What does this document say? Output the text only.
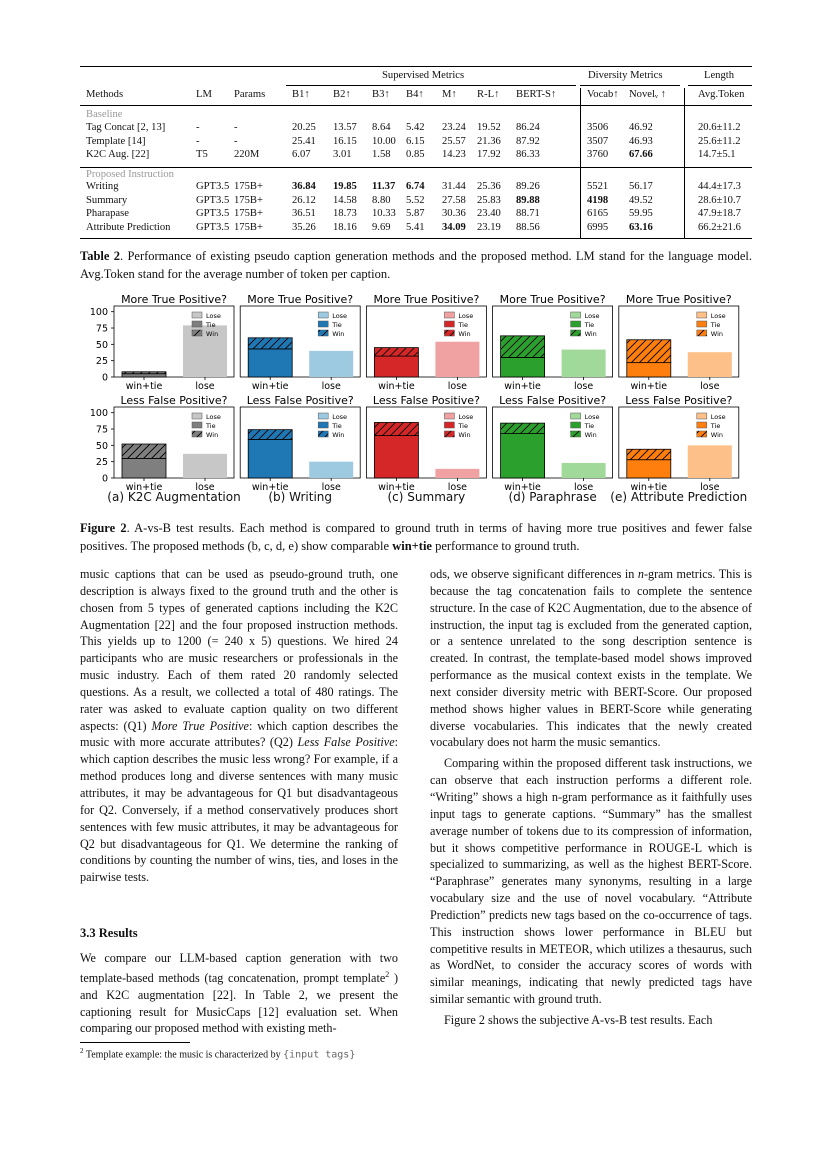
Supervised Metrics	Diversity Metrics	Length
Methods	LM Params	B1↑ B2↑ B3↑ B4↑ M↑ R-L↑ BERT-S↑	Vocab↑ Novelᵥ ↑	Avg.Token
Baseline
Tag Concat [2, 13]	-	-	20.25 13.57 8.64 5.42 23.24 19.52 86.24	3506 46.92	20.6±11.2
Template [14]	-	-	25.41 16.15 10.00 6.15 25.57 21.36 87.92	3507 46.93	25.6±11.2
K2C Aug. [22]	T5 220M	6.07 3.01 1.58 0.85 14.23 17.92 86.33	3760 67.66	14.7±5.1
Proposed Instruction
Writing	GPT3.5 175B+	36.84 19.85 11.37 6.74 31.44 25.36 89.26	5521 56.17	44.4±17.3
Summary	GPT3.5 175B+	26.12 14.58 8.80 5.52 27.58 25.83 89.88	4198 49.52	28.6±10.7
Pharapase	GPT3.5 175B+	36.51 18.73 10.33 5.87 30.36 23.40 88.71	6165 59.95	47.9±18.7
Attribute Prediction GPT3.5 175B+	35.26 18.16 9.69 5.41 34.09 23.19 88.56	6995 63.16	66.2±21.6
Table 2. Performance of existing pseudo caption generation methods and the proposed method. LM stand for the language model. Avg.Token stand for the average number of token per caption.
More True Positive?
Lose
Tie
Win
win+tie	lose
0
25
50
75
100
More True Positive?
Lose
Tie
Win
win+tie	lose
More True Positive?
Lose
Tie
Win
win+tie	lose
More True Positive?
Lose
Tie
Win
win+tie	lose
More True Positive?
Lose
Tie
Win
win+tie	lose
Less False Positive?
Lose
Tie
Win
win+tie	lose
0
25
50
75
100
Less False Positive?
Lose
Tie
Win
win+tie	lose
Less False Positive?
Lose
Tie
Win
win+tie	lose
Less False Positive?
Lose
Tie
Win
win+tie	lose
Less False Positive?
Lose
Tie
Win
win+tie	lose
(a) K2C Augmentation	(b) Writing	(c) Summary	(d) Paraphrase	(e) Attribute Prediction
Figure 2. A-vs-B test results. Each method is compared to ground truth in terms of having more true positives and fewer false positives. The proposed methods (b, c, d, e) show comparable win+tie performance to ground truth.

music captions that can be used as pseudo-ground truth, one description is always fixed to the ground truth and the other is chosen from 5 types of generated captions including the K2C Augmentation [22] and the four proposed instruction methods. This yields up to 1200 (= 240 x 5) questions. We hired 24 participants who are music researchers or professionals in the music industry. Each of them rated 20 randomly selected questions. As a result, we collected a total of 480 ratings. The rater was asked to evaluate caption quality on two different aspects: (Q1) More True Positive: which caption describes the music with more accurate attributes? (Q2) Less False Positive: which caption describes the music less wrong? For example, if a method produces long and diverse sentences with many music attributes, it may be advantageous for Q1 but disadvantageous for Q2. Conversely, if a method conservatively produces short sentences with few music attributes, it may be advantageous for Q2 but disadvantageous for Q1. We determine the ranking of conditions by counting the number of wins, ties, and loses in the pairwise tests.

3.3 Results

We compare our LLM-based caption generation with two template-based methods (tag concatenation, prompt template$^2$ ) and K2C augmentation [22]. In Table 2, we present the captioning result for MusicCaps [12] evaluation set. When comparing our proposed method with existing meth-

$^2$ Template example: the music is characterized by {input tags}

ods, we observe significant differences in n-gram metrics. This is because the tag concatenation fails to complete the sentence structure. In the case of K2C Augmentation, due to the absence of instruction, the input tag is excluded from the generated caption, or a sentence unrelated to the song description sentence is created. In contrast, the template-based model shows improved performance as the musical context exists in the template. We next consider diversity metric with BERT-Score. Our proposed method shows higher values in BERT-Score while generating diverse vocabularies. This indicates that the newly created vocabulary does not harm the music semantics.

Comparing within the proposed different task instructions, we can observe that each instruction performs a different role. “Writing” shows a high n-gram performance as it faithfully uses input tags to generate captions. “Summary” has the smallest average number of tokens due to its compression of information, but it shows competitive performance in ROUGE-L which is specialized to summarizing, as well as the highest BERT-Score. “Paraphrase” generates many synonyms, resulting in a large vocabulary size and the use of novel vocabulary. “Attribute Prediction” predicts new tags based on the co-occurrence of tags. This instruction shows lower performance in BLEU but competitive results in METEOR, which utilizes a thesaurus, such as WordNet, to consider the accuracy scores of words with similar meanings, indicating that newly predicted tags have similar semantic with ground truth.

Figure 2 shows the subjective A-vs-B test results. Each
